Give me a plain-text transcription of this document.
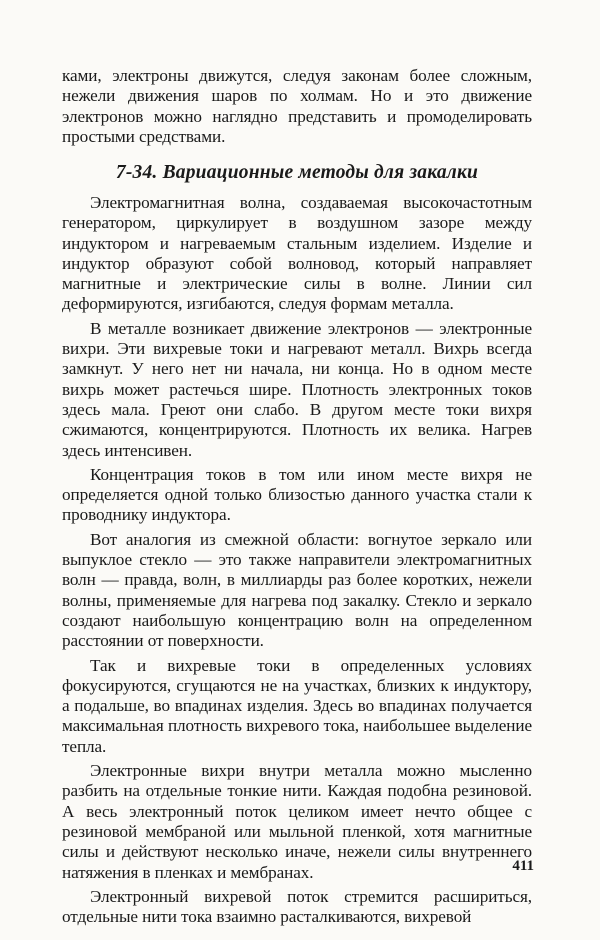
ками, электроны движутся, следуя законам более сложным, нежели движения шаров по холмам. Но и это движение электронов можно наглядно представить и промоделировать простыми средствами.

7-34. Вариационные методы для закалки

Электромагнитная волна, создаваемая высокочастотным генератором, циркулирует в воздушном зазоре между индуктором и нагреваемым стальным изделием. Изделие и индуктор образуют собой волновод, который направляет магнитные и электрические силы в волне. Линии сил деформируются, изгибаются, следуя формам металла.

В металле возникает движение электронов — электронные вихри. Эти вихревые токи и нагревают металл. Вихрь всегда замкнут. У него нет ни начала, ни конца. Но в одном месте вихрь может растечься шире. Плотность электронных токов здесь мала. Греют они слабо. В другом месте токи вихря сжимаются, концентрируются. Плотность их велика. Нагрев здесь интенсивен.

Концентрация токов в том или ином месте вихря не определяется одной только близостью данного участка стали к проводнику индуктора.

Вот аналогия из смежной области: вогнутое зеркало или выпуклое стекло — это также направители электромагнитных волн — правда, волн, в миллиарды раз более коротких, нежели волны, применяемые для нагрева под закалку. Стекло и зеркало создают наибольшую концентрацию волн на определенном расстоянии от поверхности.

Так и вихревые токи в определенных условиях фокусируются, сгущаются не на участках, близких к индуктору, а подальше, во впадинах изделия. Здесь во впадинах получается максимальная плотность вихревого тока, наибольшее выделение тепла.

Электронные вихри внутри металла можно мысленно разбить на отдельные тонкие нити. Каждая подобна резиновой. А весь электронный поток целиком имеет нечто общее с резиновой мембраной или мыльной пленкой, хотя магнитные силы и действуют несколько иначе, нежели силы внутреннего натяжения в пленках и мембранах.

Электронный вихревой поток стремится расшириться, отдельные нити тока взаимно расталкиваются, вихревой

411
